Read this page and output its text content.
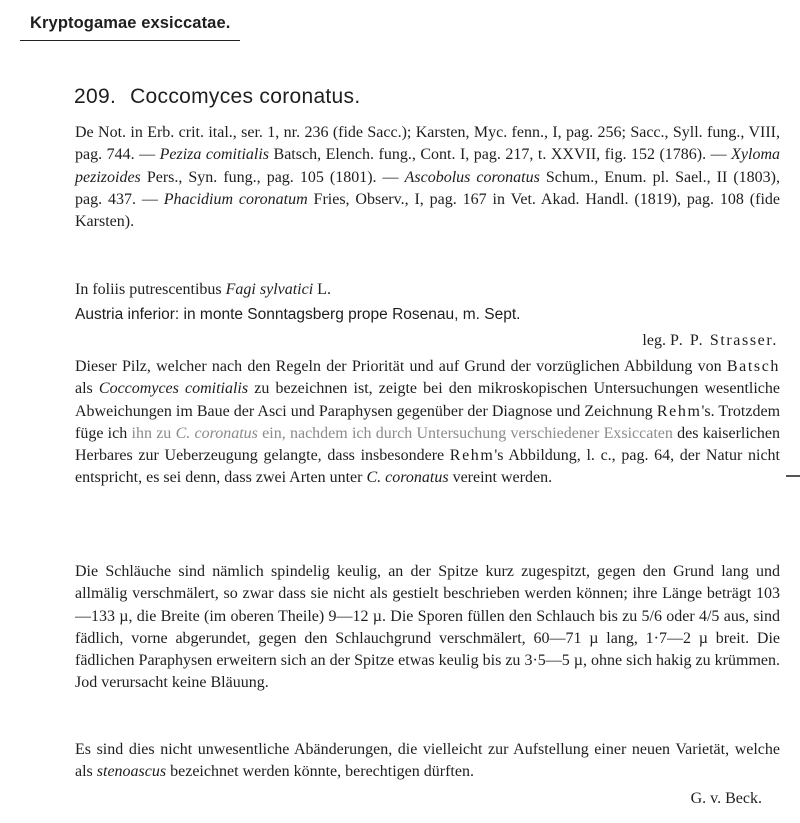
Kryptogamae exsiccatae.
209. Coccomyces coronatus.

De Not. in Erb. crit. ital., ser. 1, nr. 236 (fide Sacc.); Karsten, Myc. fenn., I, pag. 256; Sacc., Syll. fung., VIII, pag. 744. — Peziza comitialis Batsch, Elench. fung., Cont. I, pag. 217, t. XXVII, fig. 152 (1786). — Xyloma pezizoides Pers., Syn. fung., pag. 105 (1801). — Ascobolus coronatus Schum., Enum. pl. Sael., II (1803), pag. 437. — Phacidium coronatum Fries, Observ., I, pag. 167 in Vet. Akad. Handl. (1819), pag. 108 (fide Karsten).

In foliis putrescentibus Fagi sylvatici L.

Austria inferior: in monte Sonntagsberg prope Rosenau, m. Sept.

leg. P. P. Strasser.

Dieser Pilz, welcher nach den Regeln der Priorität und auf Grund der vorzüglichen Abbildung von Batsch als Coccomyces comitialis zu bezeichnen ist, zeigte bei den mikroskopischen Untersuchungen wesentliche Abweichungen im Baue der Asci und Paraphysen gegenüber der Diagnose und Zeichnung Rehm's. Trotzdem füge ich ihn zu C. coronatus ein, nachdem ich durch Untersuchung verschiedener Exsiccaten des kaiserlichen Herbares zur Ueberzeugung gelangte, dass insbesondere Rehm's Abbildung, l. c., pag. 64, der Natur nicht entspricht, es sei denn, dass zwei Arten unter C. coronatus vereint werden.

Die Schläuche sind nämlich spindelig keulig, an der Spitze kurz zugespitzt, gegen den Grund lang und allmälig verschmälert, so zwar dass sie nicht als gestielt beschrieben werden können; ihre Länge beträgt 103—133 µ, die Breite (im oberen Theile) 9—12 µ. Die Sporen füllen den Schlauch bis zu 5/6 oder 4/5 aus, sind fädlich, vorne abgerundet, gegen den Schlauchgrund verschmälert, 60—71 µ lang, 1·7—2 µ breit. Die fädlichen Paraphysen erweitern sich an der Spitze etwas keulig bis zu 3·5—5 µ, ohne sich hakig zu krümmen. Jod verursacht keine Bläuung.

Es sind dies nicht unwesentliche Abänderungen, die vielleicht zur Aufstellung einer neuen Varietät, welche als stenoascus bezeichnet werden könnte, berechtigen dürften.

G. v. Beck.
